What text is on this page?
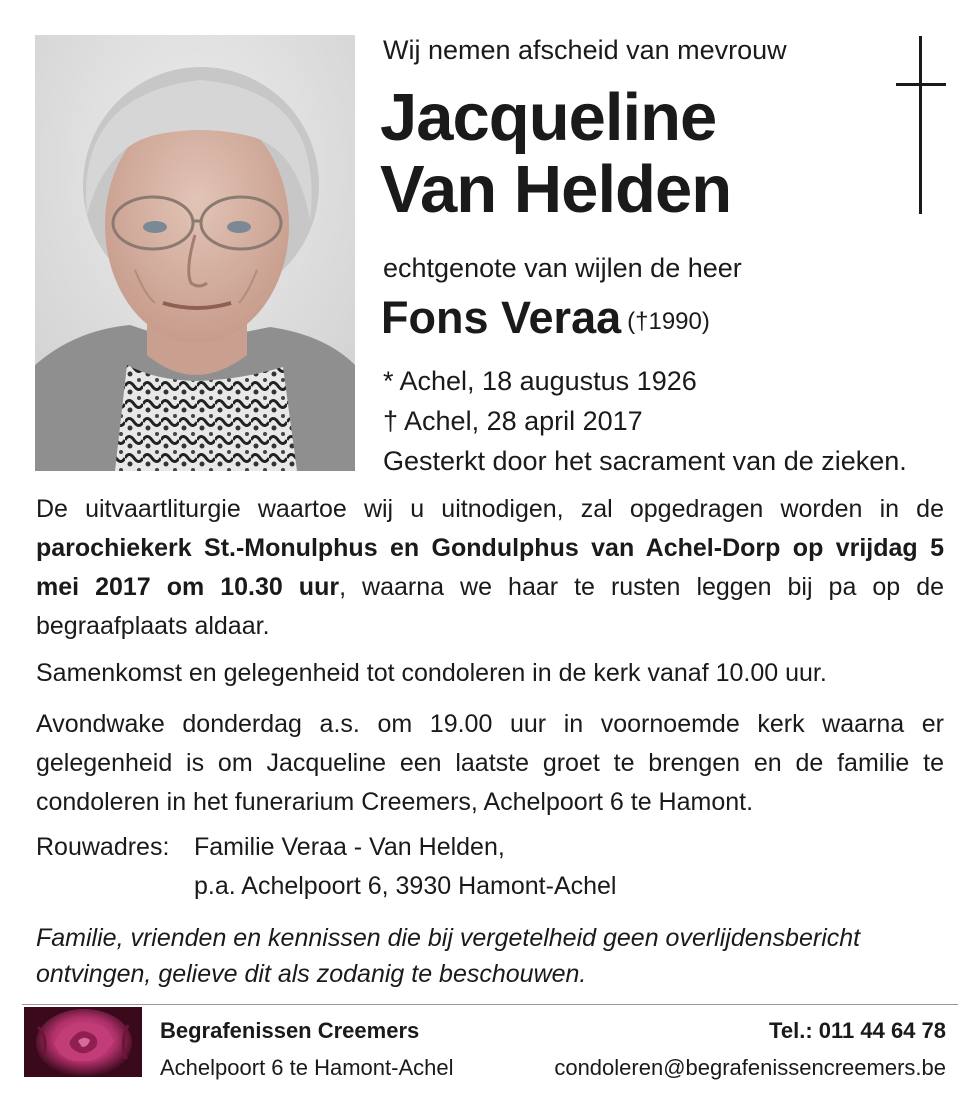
Wij nemen afscheid van mevrouw
Jacqueline
Van Helden
echtgenote van wijlen de heer
Fons Veraa (†1990)
* Achel, 18 augustus 1926
† Achel, 28 april 2017
Gesterkt door het sacrament van de zieken.
De uitvaartliturgie waartoe wij u uitnodigen, zal opgedragen worden in de parochiekerk St.-Monulphus en Gondulphus van Achel-Dorp op vrijdag 5 mei 2017 om 10.30 uur, waarna we haar te rusten leggen bij pa op de begraafplaats aldaar.
Samenkomst en gelegenheid tot condoleren in de kerk vanaf 10.00 uur.
Avondwake donderdag a.s. om 19.00 uur in voornoemde kerk waarna er gelegenheid is om Jacqueline een laatste groet te brengen en de familie te condoleren in het funerarium Creemers, Achelpoort 6 te Hamont.
Rouwadres: Familie Veraa - Van Helden,
p.a. Achelpoort 6, 3930 Hamont-Achel
Familie, vrienden en kennissen die bij vergetelheid geen overlijdensbericht ontvingen, gelieve dit als zodanig te beschouwen.
Begrafenissen Creemers
Achelpoort 6 te Hamont-Achel
Tel.: 011 44 64 78
condoleren@begrafenissencreemers.be
